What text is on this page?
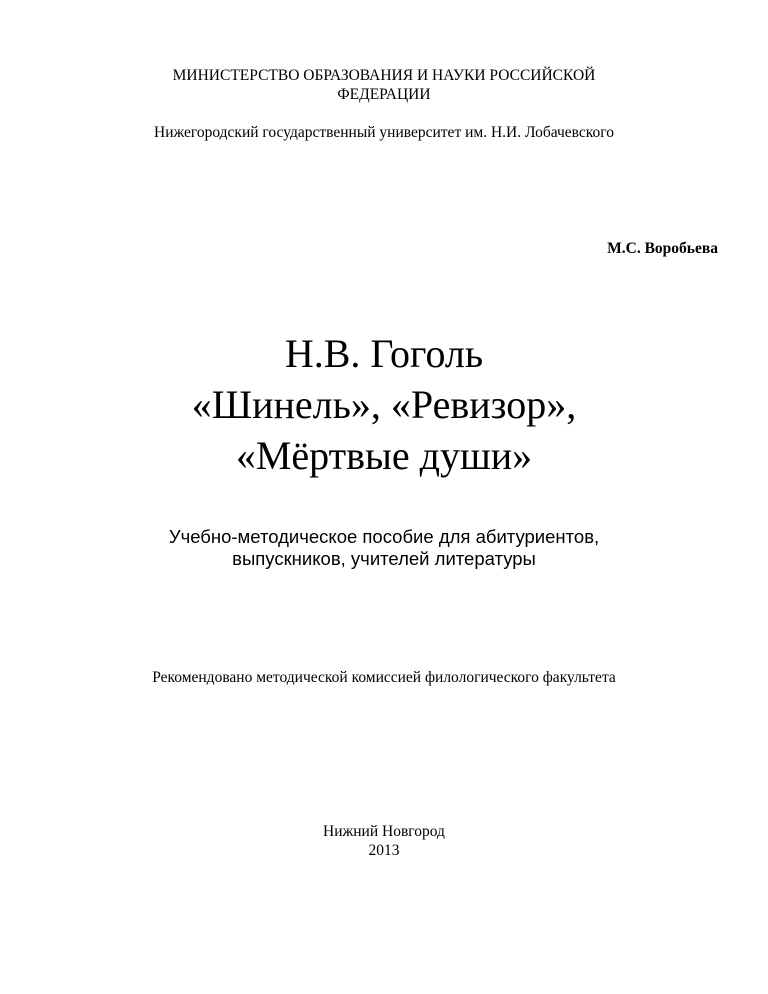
МИНИСТЕРСТВО ОБРАЗОВАНИЯ И НАУКИ РОССИЙСКОЙ
ФЕДЕРАЦИИ
Нижегородский государственный университет им. Н.И. Лобачевского
М.С. Воробьева
Н.В. Гоголь
«Шинель», «Ревизор»,
«Мёртвые души»
Учебно-методическое пособие для абитуриентов,
выпускников, учителей литературы
Рекомендовано методической комиссией филологического факультета
Нижний Новгород
2013
